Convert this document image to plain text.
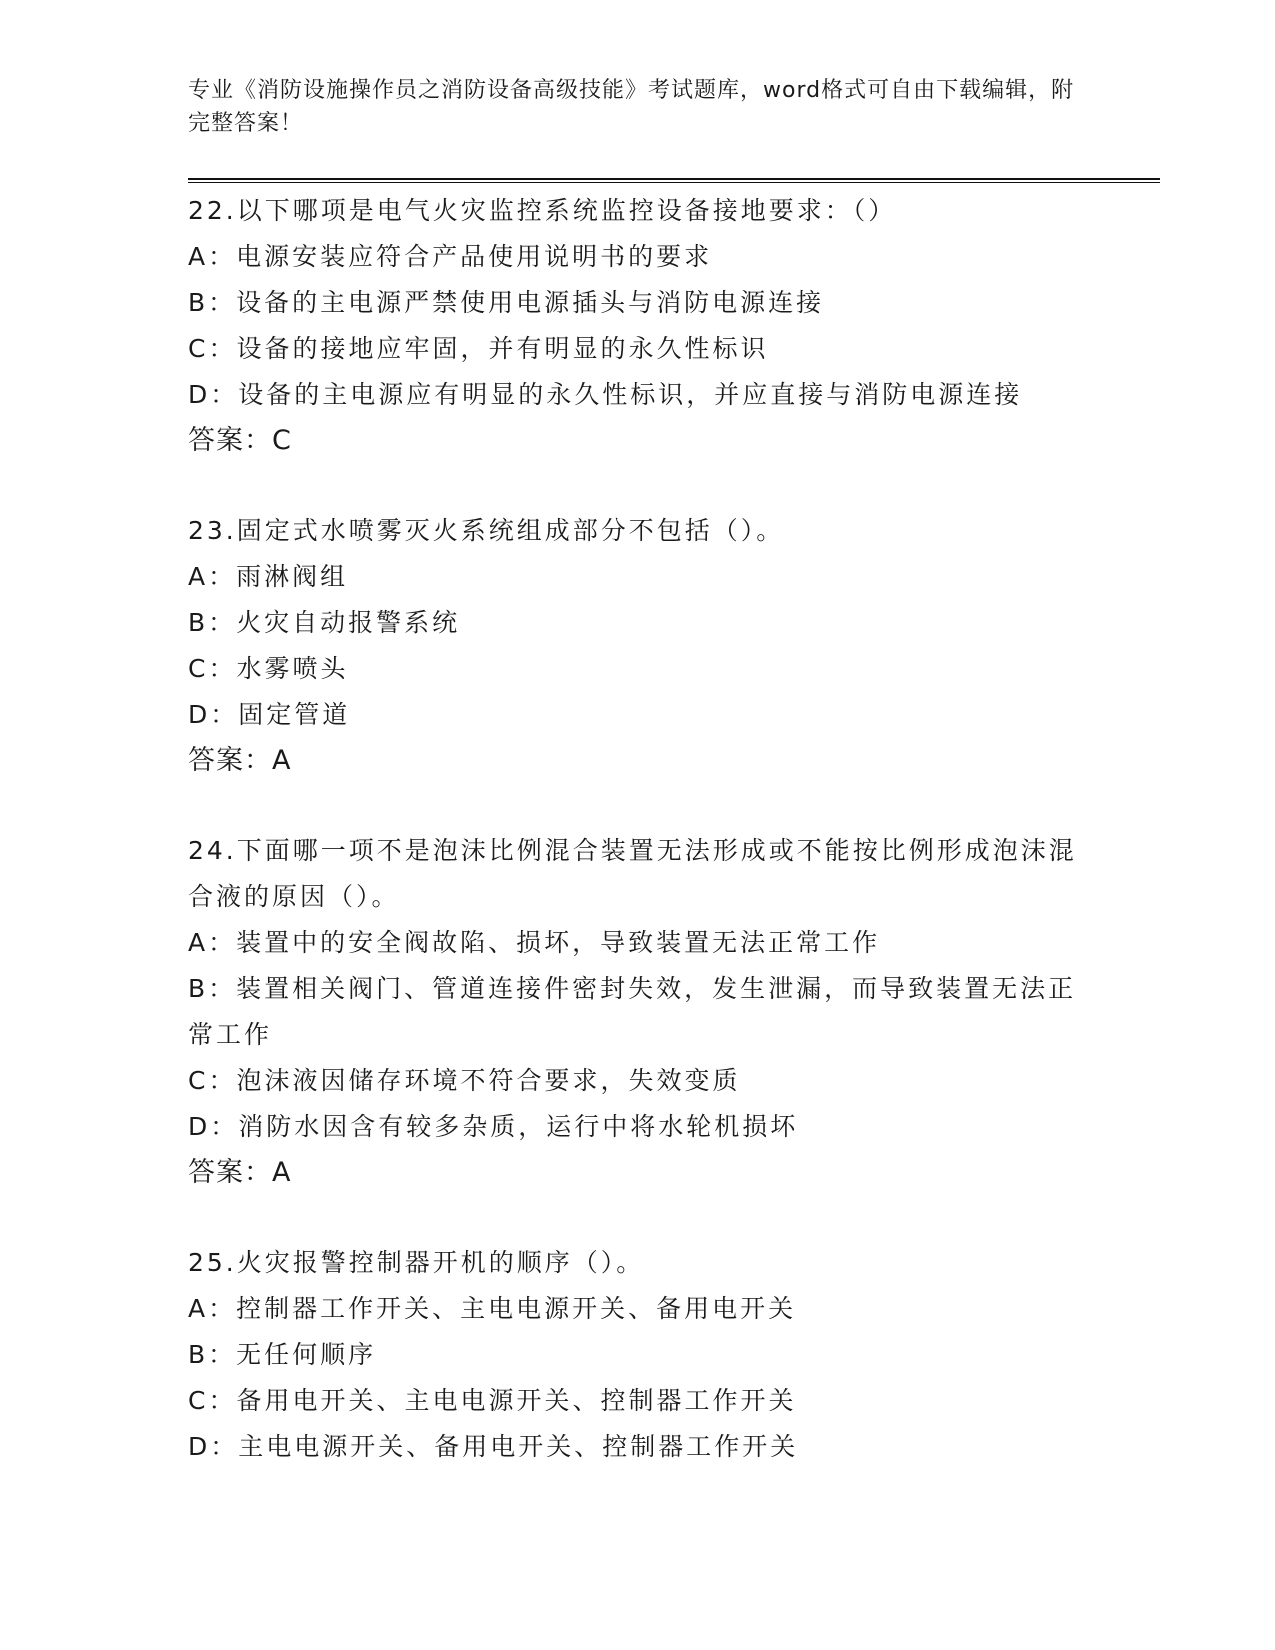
专业《消防设施操作员之消防设备高级技能》考试题库，word格式可自由下载编辑，附完整答案！
22.以下哪项是电气火灾监控系统监控设备接地要求：（）
A：电源安装应符合产品使用说明书的要求
B：设备的主电源严禁使用电源插头与消防电源连接
C：设备的接地应牢固，并有明显的永久性标识
D：设备的主电源应有明显的永久性标识，并应直接与消防电源连接
答案：C
23.固定式水喷雾灭火系统组成部分不包括（）。
A：雨淋阀组
B：火灾自动报警系统
C：水雾喷头
D：固定管道
答案：A
24.下面哪一项不是泡沫比例混合装置无法形成或不能按比例形成泡沫混合液的原因（）。
A：装置中的安全阀故陷、损坏，导致装置无法正常工作
B：装置相关阀门、管道连接件密封失效，发生泄漏，而导致装置无法正常工作
C：泡沫液因储存环境不符合要求，失效变质
D：消防水因含有较多杂质，运行中将水轮机损坏
答案：A
25.火灾报警控制器开机的顺序（）。
A：控制器工作开关、主电电源开关、备用电开关
B：无任何顺序
C：备用电开关、主电电源开关、控制器工作开关
D：主电电源开关、备用电开关、控制器工作开关
